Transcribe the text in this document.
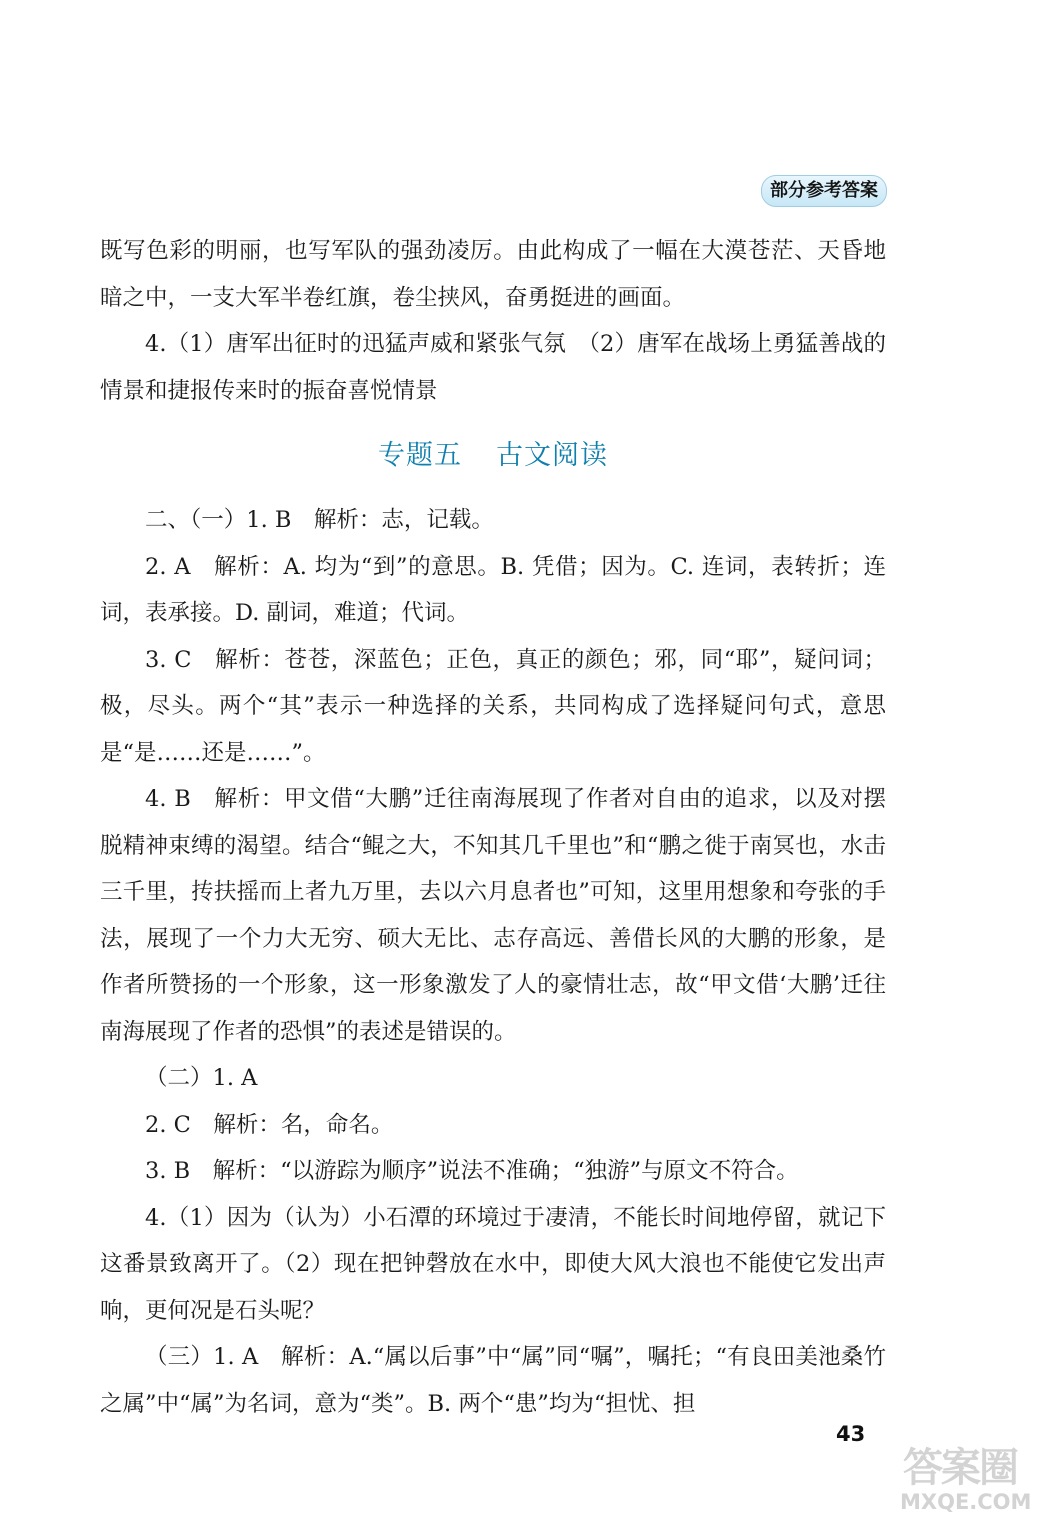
部分参考答案

既写色彩的明丽，也写军队的强劲凌厉。由此构成了一幅在大漠苍茫、天昏地暗之中，一支大军半卷红旗，卷尘挟风，奋勇挺进的画面。

4.（1）唐军出征时的迅猛声威和紧张气氛　（2）唐军在战场上勇猛善战的情景和捷报传来时的振奋喜悦情景

专题五 古文阅读

二、（一）1. B　解析：志，记载。

2. A　解析：A. 均为“到”的意思。B. 凭借；因为。C. 连词，表转折；连词，表承接。D. 副词，难道；代词。

3. C　解析：苍苍，深蓝色；正色，真正的颜色；邪，同“耶”，疑问词；极，尽头。两个“其”表示一种选择的关系，共同构成了选择疑问句式，意思是“是……还是……”。

4. B　解析：甲文借“大鹏”迁往南海展现了作者对自由的追求，以及对摆脱精神束缚的渴望。结合“鲲之大，不知其几千里也”和“鹏之徙于南冥也，水击三千里，抟扶摇而上者九万里，去以六月息者也”可知，这里用想象和夸张的手法，展现了一个力大无穷、硕大无比、志存高远、善借长风的大鹏的形象，是作者所赞扬的一个形象，这一形象激发了人的豪情壮志，故“甲文借‘大鹏’迁往南海展现了作者的恐惧”的表述是错误的。

（二）1. A

2. C　解析：名，命名。

3. B　解析：“以游踪为顺序”说法不准确；“独游”与原文不符合。

4.（1）因为（认为）小石潭的环境过于凄清，不能长时间地停留，就记下这番景致离开了。（2）现在把钟磬放在水中，即使大风大浪也不能使它发出声响，更何况是石头呢？

（三）1. A　解析：A.“属以后事”中“属”同“嘱”，嘱托；“有良田美池桑竹之属”中“属”为名词，意为“类”。B. 两个“患”均为“担忧、担

43
答案圈
MXQE.COM
